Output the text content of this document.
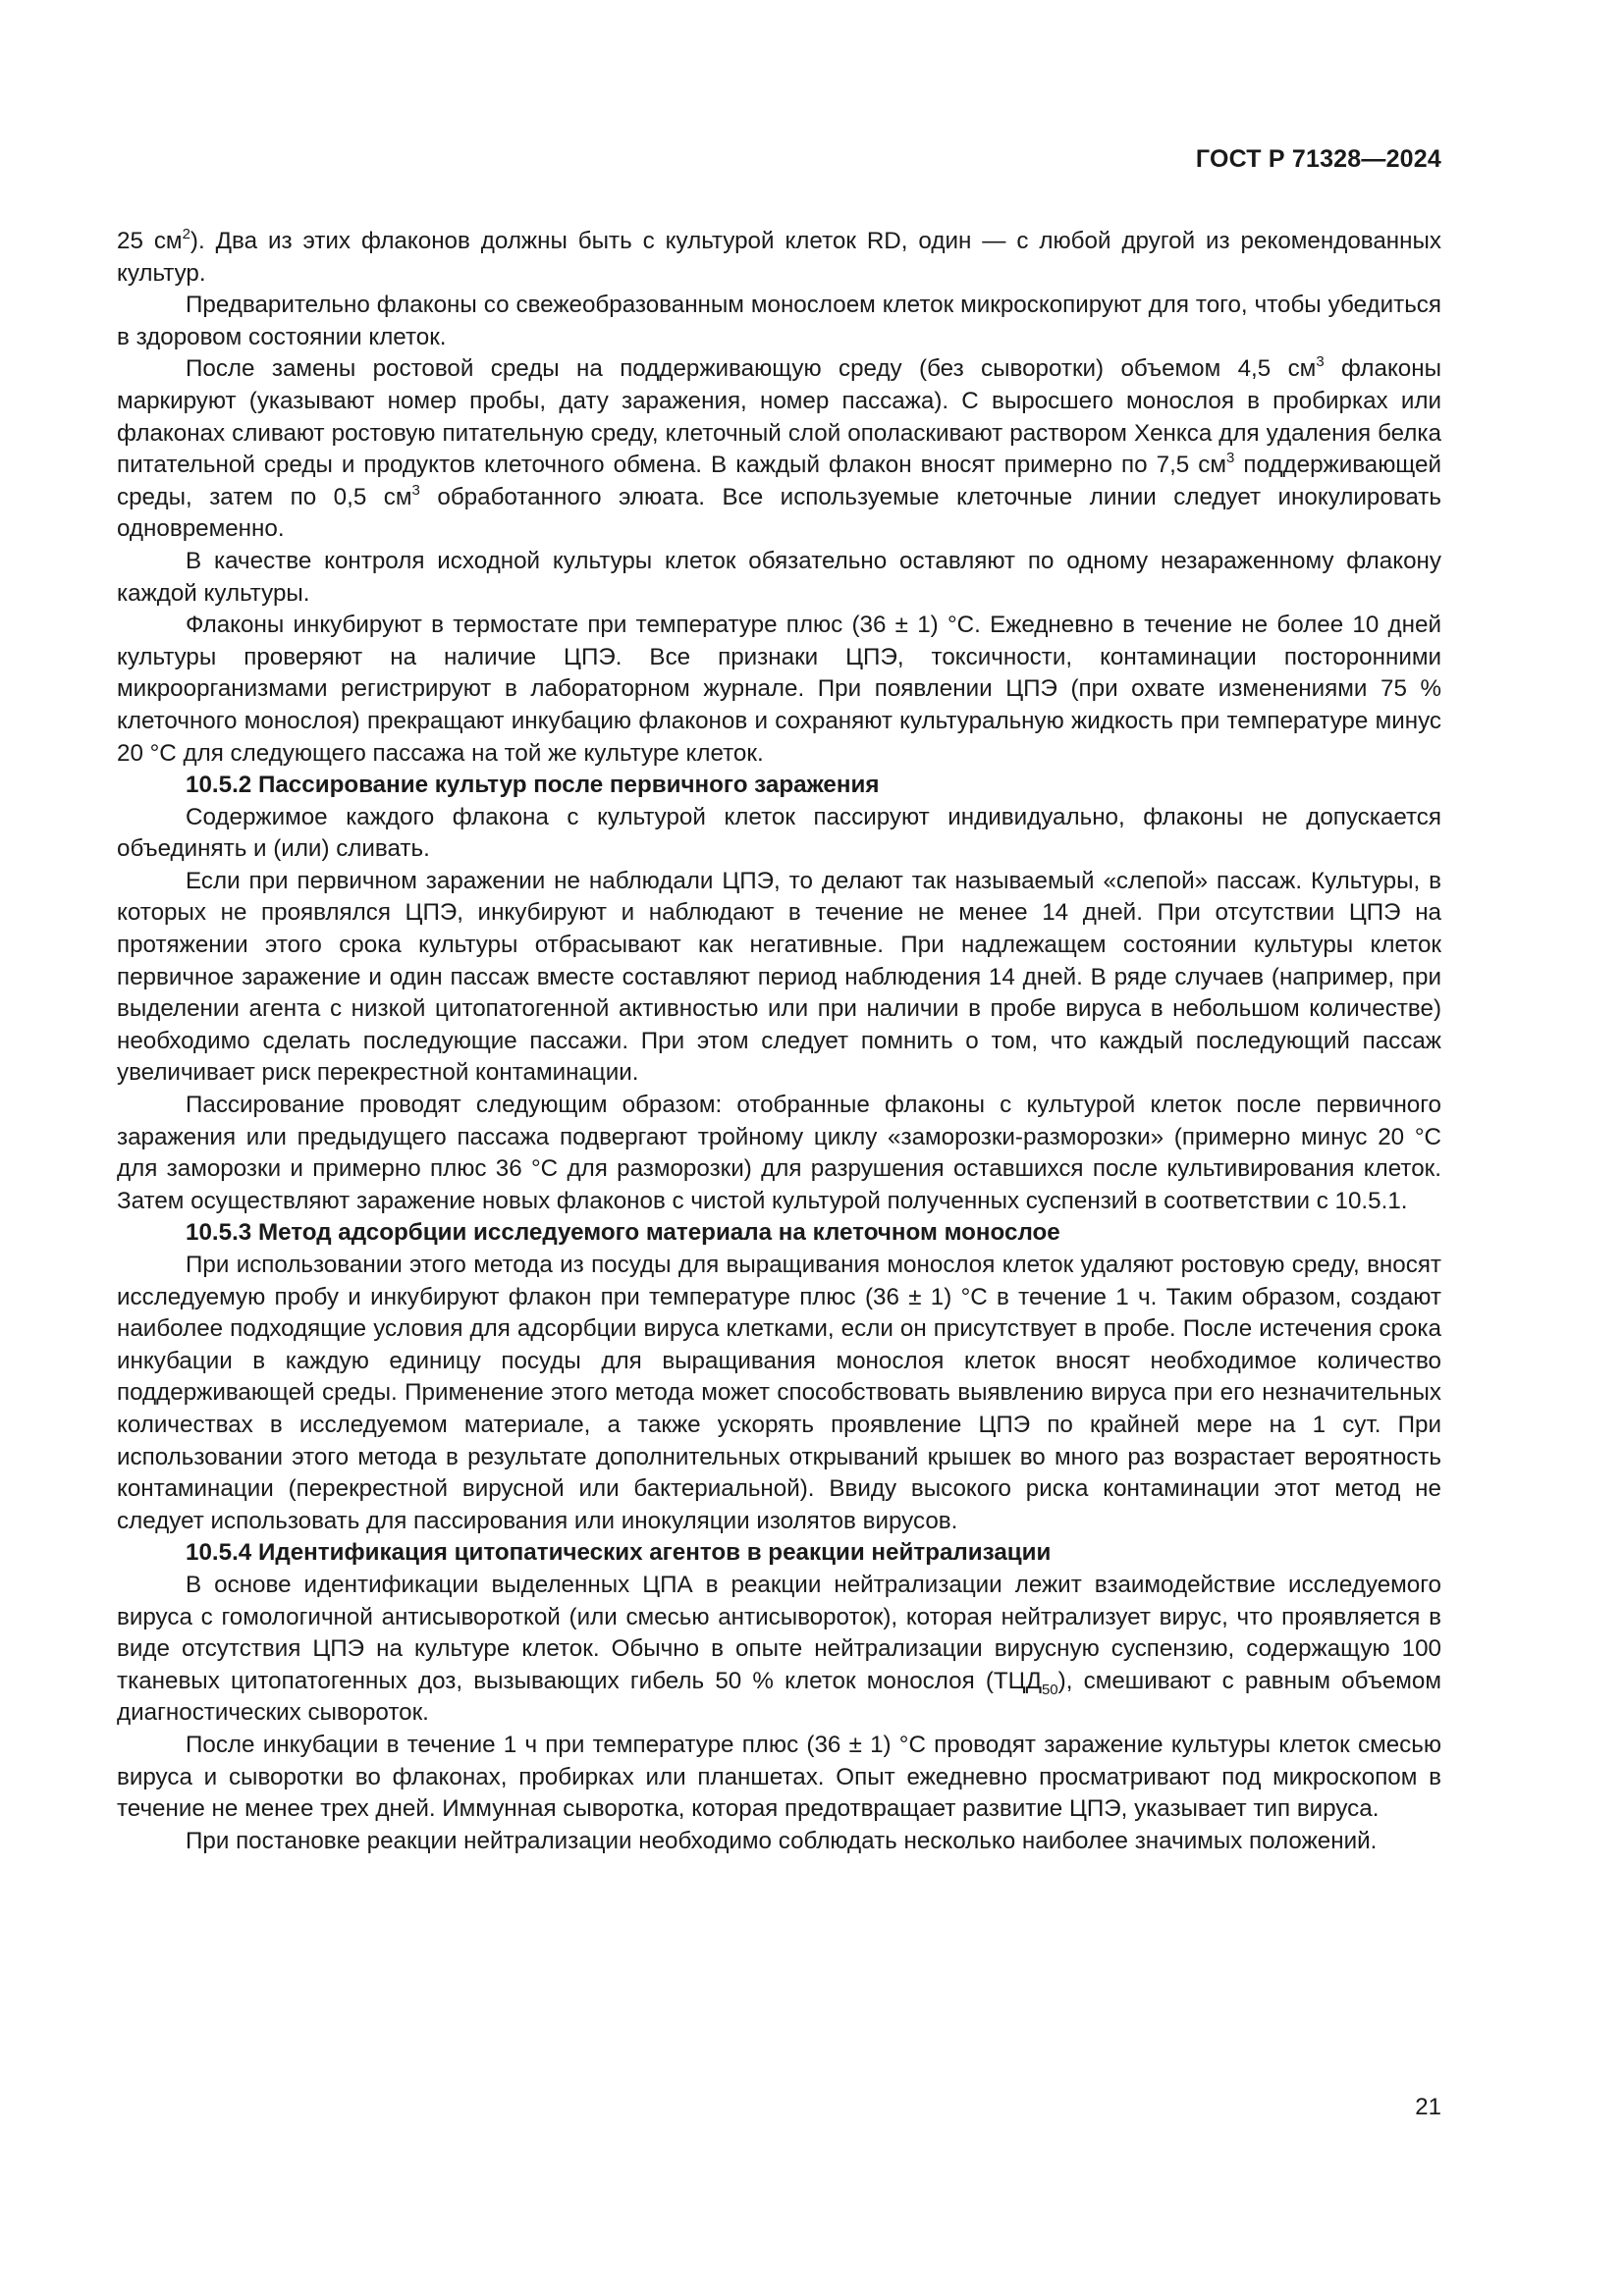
ГОСТ Р 71328—2024

25 $см^2$). Два из этих флаконов должны быть с культурой клеток RD, один — с любой другой из рекомендованных культур.

Предварительно флаконы со свежеобразованным монослоем клеток микроскопируют для того, чтобы убедиться в здоровом состоянии клеток.

После замены ростовой среды на поддерживающую среду (без сыворотки) объемом 4,5 $см^3$ флаконы маркируют (указывают номер пробы, дату заражения, номер пассажа). С выросшего монослоя в пробирках или флаконах сливают ростовую питательную среду, клеточный слой ополаскивают раствором Хенкса для удаления белка питательной среды и продуктов клеточного обмена. В каждый флакон вносят примерно по 7,5 $см^3$ поддерживающей среды, затем по 0,5 $см^3$ обработанного элюата. Все используемые клеточные линии следует инокулировать одновременно.

В качестве контроля исходной культуры клеток обязательно оставляют по одному незараженному флакону каждой культуры.

Флаконы инкубируют в термостате при температуре плюс (36 ± 1) °С. Ежедневно в течение не более 10 дней культуры проверяют на наличие ЦПЭ. Все признаки ЦПЭ, токсичности, контаминации посторонними микроорганизмами регистрируют в лабораторном журнале. При появлении ЦПЭ (при охвате изменениями 75 % клеточного монослоя) прекращают инкубацию флаконов и сохраняют культуральную жидкость при температуре минус 20 °С для следующего пассажа на той же культуре клеток.

10.5.2 Пассирование культур после первичного заражения

Содержимое каждого флакона с культурой клеток пассируют индивидуально, флаконы не допускается объединять и (или) сливать.

Если при первичном заражении не наблюдали ЦПЭ, то делают так называемый «слепой» пассаж. Культуры, в которых не проявлялся ЦПЭ, инкубируют и наблюдают в течение не менее 14 дней. При отсутствии ЦПЭ на протяжении этого срока культуры отбрасывают как негативные. При надлежащем состоянии культуры клеток первичное заражение и один пассаж вместе составляют период наблюдения 14 дней. В ряде случаев (например, при выделении агента с низкой цитопатогенной активностью или при наличии в пробе вируса в небольшом количестве) необходимо сделать последующие пассажи. При этом следует помнить о том, что каждый последующий пассаж увеличивает риск перекрестной контаминации.

Пассирование проводят следующим образом: отобранные флаконы с культурой клеток после первичного заражения или предыдущего пассажа подвергают тройному циклу «заморозки-разморозки» (примерно минус 20 °С для заморозки и примерно плюс 36 °С для разморозки) для разрушения оставшихся после культивирования клеток. Затем осуществляют заражение новых флаконов с чистой культурой полученных суспензий в соответствии с 10.5.1.

10.5.3 Метод адсорбции исследуемого материала на клеточном монослое

При использовании этого метода из посуды для выращивания монослоя клеток удаляют ростовую среду, вносят исследуемую пробу и инкубируют флакон при температуре плюс (36 ± 1) °С в течение 1 ч. Таким образом, создают наиболее подходящие условия для адсорбции вируса клетками, если он присутствует в пробе. После истечения срока инкубации в каждую единицу посуды для выращивания монослоя клеток вносят необходимое количество поддерживающей среды. Применение этого метода может способствовать выявлению вируса при его незначительных количествах в исследуемом материале, а также ускорять проявление ЦПЭ по крайней мере на 1 сут. При использовании этого метода в результате дополнительных открываний крышек во много раз возрастает вероятность контаминации (перекрестной вирусной или бактериальной). Ввиду высокого риска контаминации этот метод не следует использовать для пассирования или инокуляции изолятов вирусов.

10.5.4 Идентификация цитопатических агентов в реакции нейтрализации

В основе идентификации выделенных ЦПА в реакции нейтрализации лежит взаимодействие исследуемого вируса с гомологичной антисывороткой (или смесью антисывороток), которая нейтрализует вирус, что проявляется в виде отсутствия ЦПЭ на культуре клеток. Обычно в опыте нейтрализации вирусную суспензию, содержащую 100 тканевых цитопатогенных доз, вызывающих гибель 50 % клеток монослоя $(ТЦД_{50})$, смешивают с равным объемом диагностических сывороток.

После инкубации в течение 1 ч при температуре плюс (36 ± 1) °С проводят заражение культуры клеток смесью вируса и сыворотки во флаконах, пробирках или планшетах. Опыт ежедневно просматривают под микроскопом в течение не менее трех дней. Иммунная сыворотка, которая предотвращает развитие ЦПЭ, указывает тип вируса.

При постановке реакции нейтрализации необходимо соблюдать несколько наиболее значимых положений.

21
